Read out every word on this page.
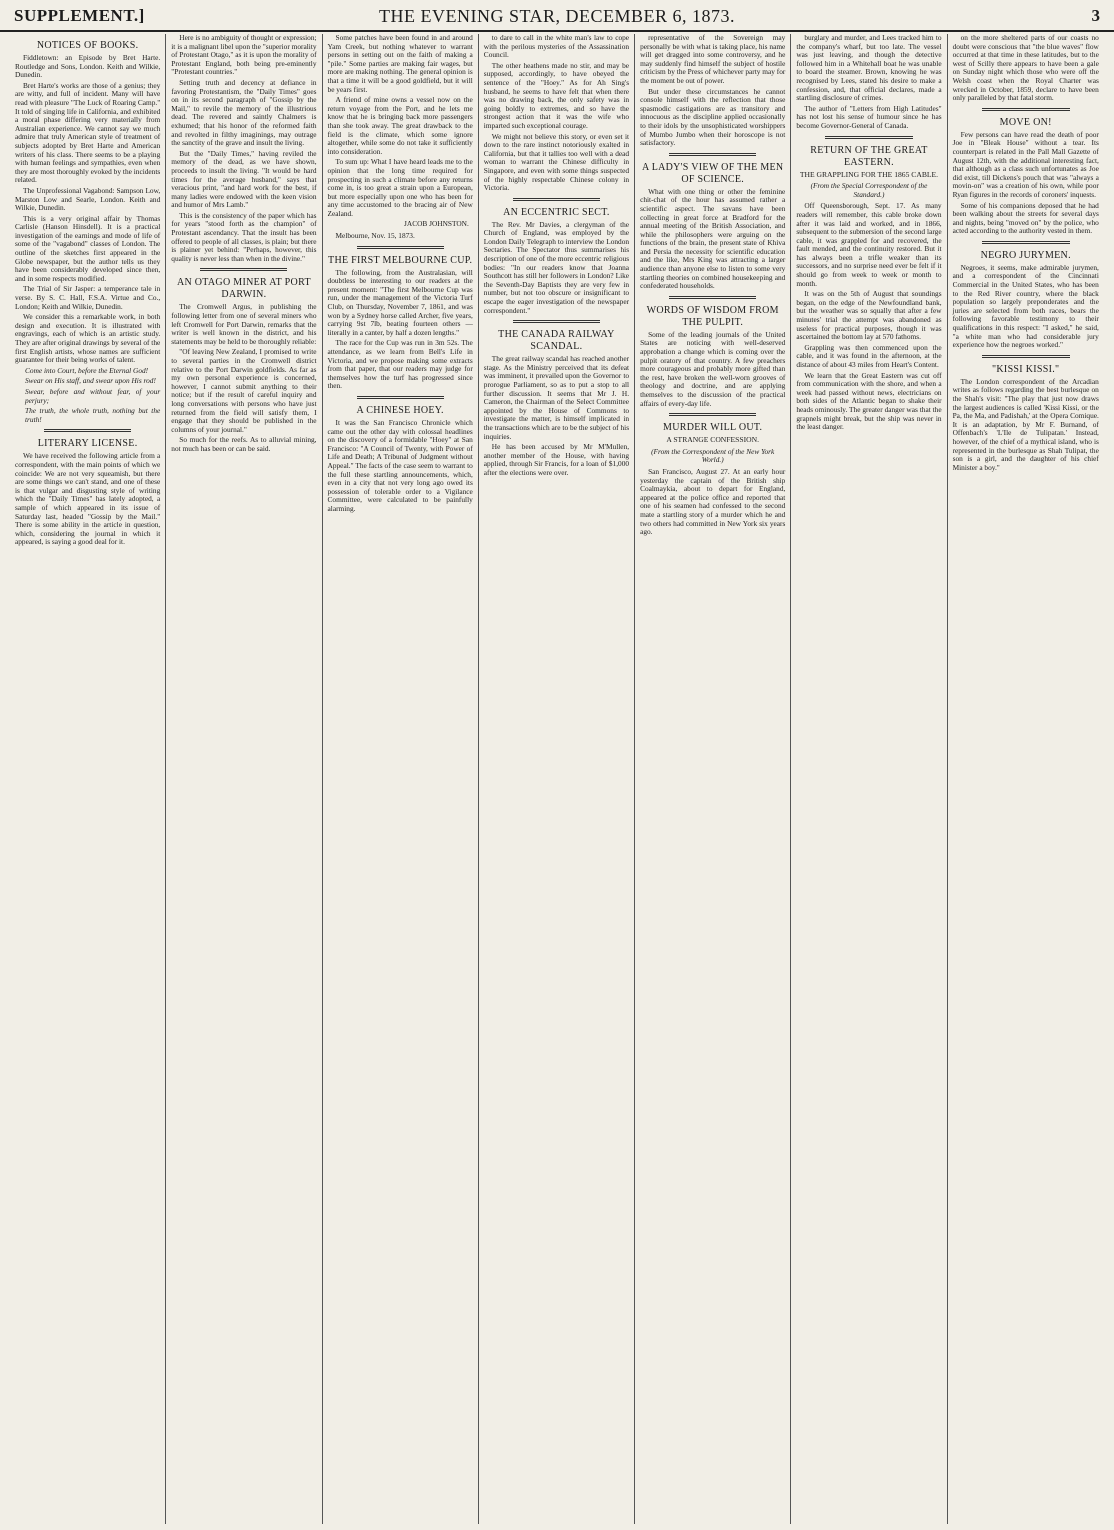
SUPPLEMENT.]	THE EVENING STAR, DECEMBER 6, 1873.	3
NOTICES OF BOOKS.

Fiddletown: an Episode by Bret Harte. Routledge and Sons, London. Keith and Wilkie, Dunedin.

Bret Harte's works are those of a genius; they are witty, and full of incident. Many will have read with pleasure "The Luck of Roaring Camp." It told of singing life in California, and exhibited a moral phase differing very materially from Australian experience. We cannot say we much admire that truly American style of treatment of subjects adopted by Bret Harte and American writers of his class. There seems to be a playing with human feelings and sympathies, even when they are most thoroughly evoked by the incidents related.

The Unprofessional Vagabond: Sampson Low, Marston Low and Searle, London. Keith and Wilkie, Dunedin.

This is a very original affair by Thomas Carlisle (Hanson Hinsdell). It is a practical investigation of the earnings and mode of life of some of the "vagabond" classes of London. The outline of the sketches first appeared in the Globe newspaper, but the author tells us they have been considerably developed since then, and in some respects modified.

The Trial of Sir Jasper: a temperance tale in verse. By S. C. Hall, F.S.A. Virtue and Co., London; Keith and Wilkie, Dunedin.

We consider this a remarkable work, in both design and execution. It is illustrated with engravings, each of which is an artistic study. They are after original drawings by several of the first English artists, whose names are sufficient guarantee for their being works of talent.

Come into Court, before the Eternal God!

Swear on His staff, and swear upon His rod!

Swear, before and without fear, of your perjury;

The truth, the whole truth, nothing but the truth!

LITERARY LICENSE.

We have received the following article from a correspondent, with the main points of which we coincide: We are not very squeamish, but there are some things we can't stand, and one of these is that vulgar and disgusting style of writing which the "Daily Times" has lately adopted, a sample of which appeared in its issue of Saturday last, headed "Gossip by the Mail." There is some ability in the article in question, which, considering the journal in which it appeared, is saying a good deal for it.

Here is no ambiguity of thought or expression; it is a malignant libel upon the "superior morality of Protestant Otago," as it is upon the morality of Protestant England, both being pre-eminently "Protestant countries."

Setting truth and decency at defiance in favoring Protestantism, the "Daily Times" goes on in its second paragraph of "Gossip by the Mail," to revile the memory of the illustrious dead. The revered and saintly Chalmers is exhumed; that his honor of the reformed faith and revolted in filthy imaginings, may outrage the sanctity of the grave and insult the living.

But the "Daily Times," having reviled the memory of the dead, as we have shown, proceeds to insult the living. "It would be hard times for the average husband," says that veracious print, "and hard work for the best, if many ladies were endowed with the keen vision and humor of Mrs Lamb."

This is the consistency of the paper which has for years "stood forth as the champion" of Protestant ascendancy. That the insult has been offered to people of all classes, is plain; but there is plainer yet behind: "Perhaps, however, this quality is never less than when in the divine."

AN OTAGO MINER AT PORT DARWIN.

The Cromwell Argus, in publishing the following letter from one of several miners who left Cromwell for Port Darwin, remarks that the writer is well known in the district, and his statements may be held to be thoroughly reliable:

"Of leaving New Zealand, I promised to write to several parties in the Cromwell district relative to the Port Darwin goldfields. As far as my own personal experience is concerned, however, I cannot submit anything to their notice; but if the result of careful inquiry and long conversations with persons who have just returned from the field will satisfy them, I engage that they should be published in the columns of your journal."

So much for the reefs. As to alluvial mining, not much has been or can be said.

Some patches have been found in and around Yam Creek, but nothing whatever to warrant persons in setting out on the faith of making a "pile." Some parties are making fair wages, but more are making nothing. The general opinion is that a time it will be a good goldfield, but it will be years first.

A friend of mine owns a vessel now on the return voyage from the Port, and he lets me know that he is bringing back more passengers than she took away. The great drawback to the field is the climate, which some ignore altogether, while some do not take it sufficiently into consideration.

To sum up: What I have heard leads me to the opinion that the long time required for prospecting in such a climate before any returns come in, is too great a strain upon a European, but more especially upon one who has been for any time accustomed to the bracing air of New Zealand.

JACOB JOHNSTON.

Melbourne, Nov. 15, 1873.

THE FIRST MELBOURNE CUP.

The following, from the Australasian, will doubtless be interesting to our readers at the present moment: "The first Melbourne Cup was run, under the management of the Victoria Turf Club, on Thursday, November 7, 1861, and was won by a Sydney horse called Archer, five years, carrying 9st 7lb, beating fourteen others — literally in a canter, by half a dozen lengths."

The race for the Cup was run in 3m 52s. The attendance, as we learn from Bell's Life in Victoria, and we propose making some extracts from that paper, that our readers may judge for themselves how the turf has progressed since then.

A CHINESE HOEY.

It was the San Francisco Chronicle which came out the other day with colossal headlines on the discovery of a formidable "Hoey" at San Francisco: "A Council of Twenty, with Power of Life and Death; A Tribunal of Judgment without Appeal." The facts of the case seem to warrant to the full these startling announcements, which, even in a city that not very long ago owed its possession of tolerable order to a Vigilance Committee, were calculated to be painfully alarming.

to dare to call in the white man's law to cope with the perilous mysteries of the Assassination Council.

The other heathens made no stir, and may be supposed, accordingly, to have obeyed the sentence of the "Hoey." As for Ah Sing's husband, he seems to have felt that when there was no drawing back, the only safety was in going boldly to extremes, and so have the strongest action that it was the wife who imparted such exceptional courage.

We might not believe this story, or even set it down to the rare instinct notoriously exalted in California, but that it tallies too well with a dead woman to warrant the Chinese difficulty in Singapore, and even with some things suspected of the highly respectable Chinese colony in Victoria.

AN ECCENTRIC SECT.

The Rev. Mr Davies, a clergyman of the Church of England, was employed by the London Daily Telegraph to interview the London Sectaries. The Spectator thus summarises his description of one of the more eccentric religious bodies: "In our readers know that Joanna Southcott has still her followers in London? Like the Seventh-Day Baptists they are very few in number, but not too obscure or insignificant to escape the eager investigation of the newspaper correspondent."

THE CANADA RAILWAY SCANDAL.

The great railway scandal has reached another stage. As the Ministry perceived that its defeat was imminent, it prevailed upon the Governor to prorogue Parliament, so as to put a stop to all further discussion. It seems that Mr J. H. Cameron, the Chairman of the Select Committee appointed by the House of Commons to investigate the matter, is himself implicated in the transactions which are to be the subject of his inquiries.

He has been accused by Mr M'Mullen, another member of the House, with having applied, through Sir Francis, for a loan of $1,000 after the elections were over.

representative of the Sovereign may personally be with what is taking place, his name will get dragged into some controversy, and he may suddenly find himself the subject of hostile criticism by the Press of whichever party may for the moment be out of power.

But under these circumstances he cannot console himself with the reflection that those spasmodic castigations are as transitory and innocuous as the discipline applied occasionally to their idols by the unsophisticated worshippers of Mumbo Jumbo when their horoscope is not satisfactory.

A LADY'S VIEW OF THE MEN OF SCIENCE.

What with one thing or other the feminine chit-chat of the hour has assumed rather a scientific aspect. The savans have been collecting in great force at Bradford for the annual meeting of the British Association, and while the philosophers were arguing on the functions of the brain, the present state of Khiva and Persia the necessity for scientific education and the like, Mrs King was attracting a larger audience than anyone else to listen to some very startling theories on combined housekeeping and confederated households.

WORDS OF WISDOM FROM THE PULPIT.

Some of the leading journals of the United States are noticing with well-deserved approbation a change which is coming over the pulpit oratory of that country. A few preachers more courageous and probably more gifted than the rest, have broken the well-worn grooves of theology and doctrine, and are applying themselves to the discussion of the practical affairs of every-day life.

MURDER WILL OUT.
A STRANGE CONFESSION.
(From the Correspondent of the New York World.)

San Francisco, August 27. At an early hour yesterday the captain of the British ship Coalmaykia, about to depart for England, appeared at the police office and reported that one of his seamen had confessed to the second mate a startling story of a murder which he and two others had committed in New York six years ago.

burglary and murder, and Lees tracked him to the company's wharf, but too late. The vessel was just leaving, and though the detective followed him in a Whitehall boat he was unable to board the steamer. Brown, knowing he was recognised by Lees, stated his desire to make a confession, and, that official declares, made a startling disclosure of crimes.

The author of "Letters from High Latitudes" has not lost his sense of humour since he has become Governor-General of Canada.

RETURN OF THE GREAT EASTERN.
THE GRAPPLING FOR THE 1865 CABLE.
(From the Special Correspondent of the Standard.)

Off Queensborough, Sept. 17. As many readers will remember, this cable broke down after it was laid and worked, and in 1866, subsequent to the submersion of the second large cable, it was grappled for and recovered, the fault mended, and the continuity restored. But it has always been a trifle weaker than its successors, and no surprise need ever be felt if it should go from week to week or month to month.

It was on the 5th of August that soundings began, on the edge of the Newfoundland bank, but the weather was so squally that after a few minutes' trial the attempt was abandoned as useless for practical purposes, though it was ascertained the bottom lay at 570 fathoms.

Grappling was then commenced upon the cable, and it was found in the afternoon, at the distance of about 43 miles from Heart's Content.

We learn that the Great Eastern was cut off from communication with the shore, and when a week had passed without news, electricians on both sides of the Atlantic began to shake their heads ominously. The greater danger was that the grapnels might break, but the ship was never in the least danger.

on the more sheltered parts of our coasts no doubt were conscious that "the blue waves" flow occurred at that time in these latitudes, but to the west of Scilly there appears to have been a gale on Sunday night which those who were off the Welsh coast when the Royal Charter was wrecked in October, 1859, declare to have been only paralleled by that fatal storm.

MOVE ON!

Few persons can have read the death of poor Joe in "Bleak House" without a tear. Its counterpart is related in the Pall Mall Gazette of August 12th, with the additional interesting fact, that although as a class such unfortunates as Joe did exist, till Dickens's pouch that was "always a movin-on" was a creation of his own, while poor Ryan figures in the records of coroners' inquests.

Some of his companions deposed that he had been walking about the streets for several days and nights, being "moved on" by the police, who acted according to the authority vested in them.

NEGRO JURYMEN.

Negroes, it seems, make admirable jurymen, and a correspondent of the Cincinnati Commercial in the United States, who has been to the Red River country, where the black population so largely preponderates and the juries are selected from both races, bears the following favorable testimony to their qualifications in this respect: "I asked," he said, "a white man who had considerable jury experience how the negroes worked."

"KISSI KISSI."

The London correspondent of the Arcadian writes as follows regarding the best burlesque on the Shah's visit: "The play that just now draws the largest audiences is called 'Kissi Kissi, or the Pa, the Ma, and Padishah,' at the Opera Comique. It is an adaptation, by Mr F. Burnand, of Offenbach's 'L'Ile de Tulipatan.' Instead, however, of the chief of a mythical island, who is represented in the burlesque as Shah Tulipat, the son is a girl, and the daughter of his chief Minister a boy."
